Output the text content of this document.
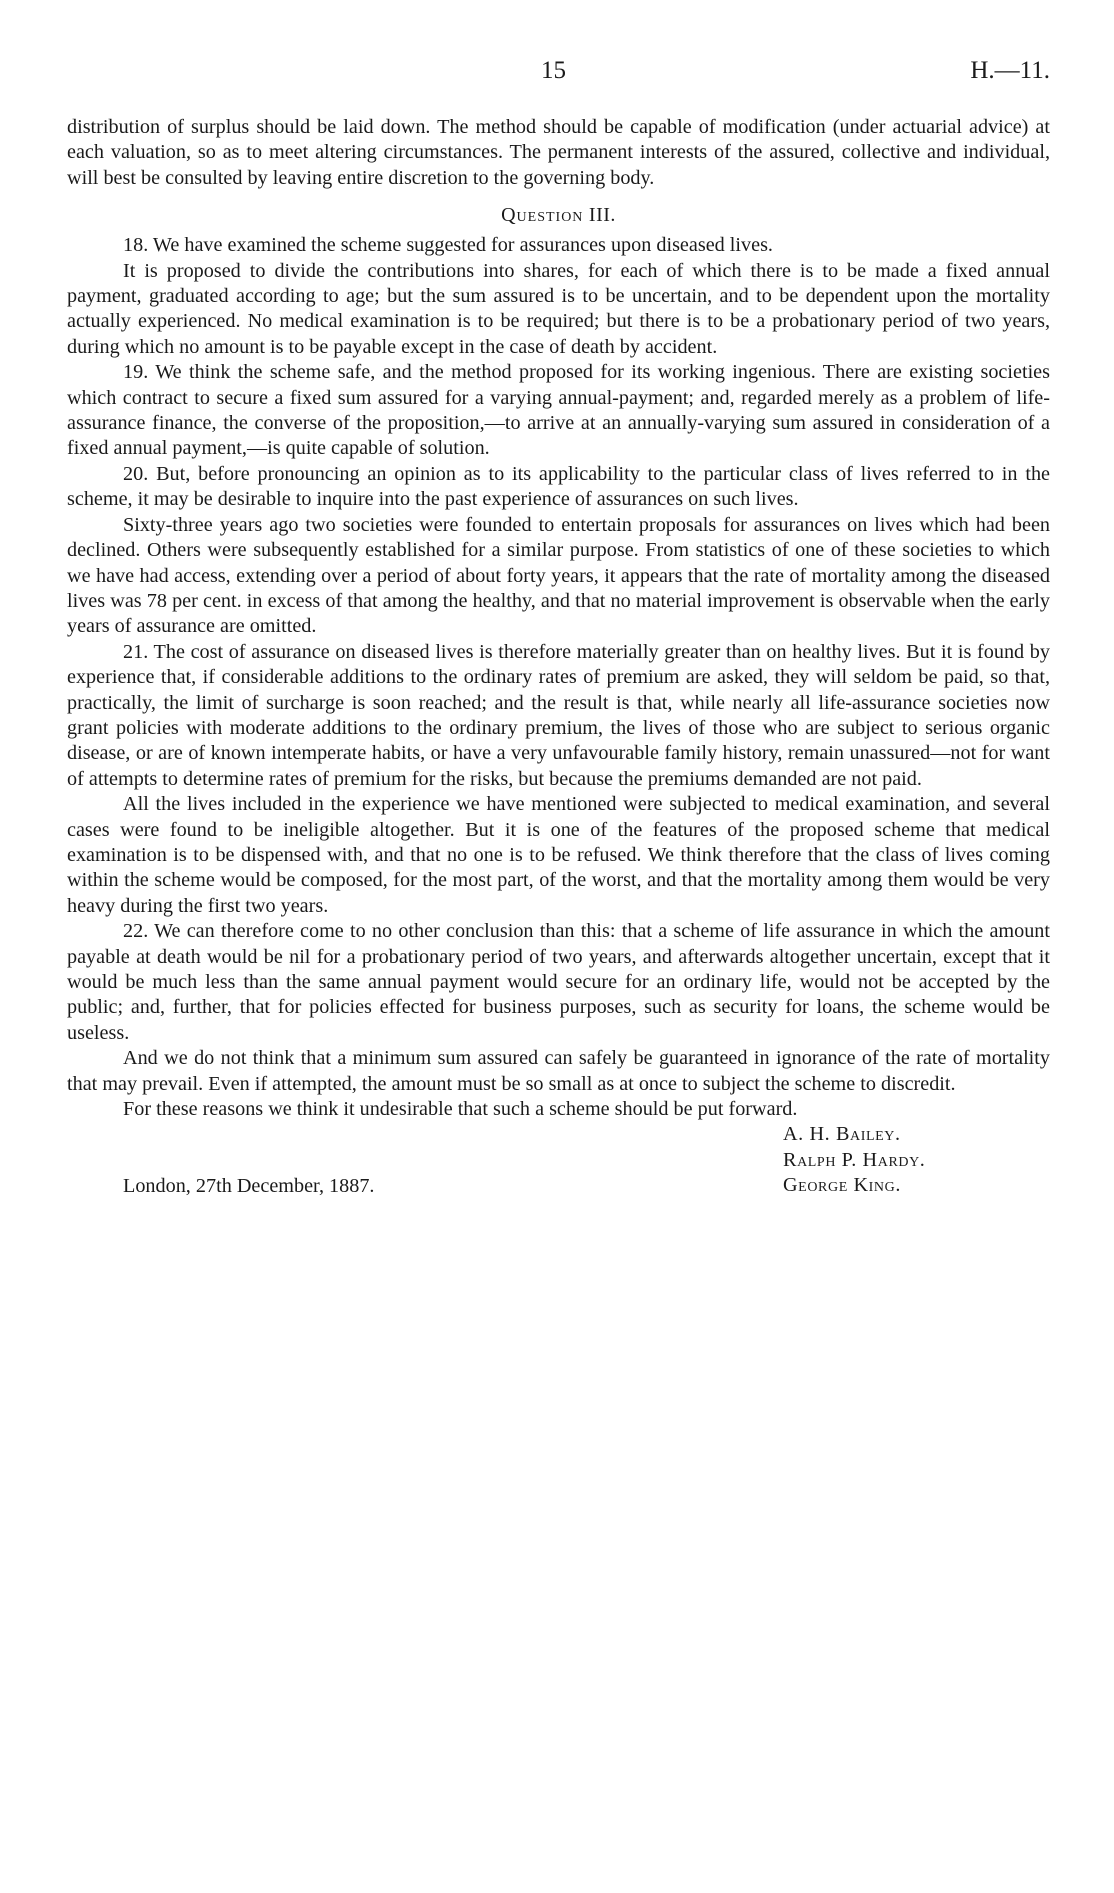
15	H.—11.

distribution of surplus should be laid down. The method should be capable of modification (under actuarial advice) at each valuation, so as to meet altering circumstances. The permanent interests of the assured, collective and individual, will best be consulted by leaving entire discretion to the governing body.

Question III.

18. We have examined the scheme suggested for assurances upon diseased lives.

It is proposed to divide the contributions into shares, for each of which there is to be made a fixed annual payment, graduated according to age; but the sum assured is to be uncertain, and to be dependent upon the mortality actually experienced. No medical examination is to be required; but there is to be a probationary period of two years, during which no amount is to be payable except in the case of death by accident.

19. We think the scheme safe, and the method proposed for its working ingenious. There are existing societies which contract to secure a fixed sum assured for a varying annual-payment; and, regarded merely as a problem of life-assurance finance, the converse of the proposition,—to arrive at an annually-varying sum assured in consideration of a fixed annual payment,—is quite capable of solution.

20. But, before pronouncing an opinion as to its applicability to the particular class of lives referred to in the scheme, it may be desirable to inquire into the past experience of assurances on such lives.

Sixty-three years ago two societies were founded to entertain proposals for assurances on lives which had been declined. Others were subsequently established for a similar purpose. From statistics of one of these societies to which we have had access, extending over a period of about forty years, it appears that the rate of mortality among the diseased lives was 78 per cent. in excess of that among the healthy, and that no material improvement is observable when the early years of assurance are omitted.

21. The cost of assurance on diseased lives is therefore materially greater than on healthy lives. But it is found by experience that, if considerable additions to the ordinary rates of premium are asked, they will seldom be paid, so that, practically, the limit of surcharge is soon reached; and the result is that, while nearly all life-assurance societies now grant policies with moderate additions to the ordinary premium, the lives of those who are subject to serious organic disease, or are of known intemperate habits, or have a very unfavourable family history, remain unassured—not for want of attempts to determine rates of premium for the risks, but because the premiums demanded are not paid.

All the lives included in the experience we have mentioned were subjected to medical examination, and several cases were found to be ineligible altogether. But it is one of the features of the proposed scheme that medical examination is to be dispensed with, and that no one is to be refused. We think therefore that the class of lives coming within the scheme would be composed, for the most part, of the worst, and that the mortality among them would be very heavy during the first two years.

22. We can therefore come to no other conclusion than this: that a scheme of life assurance in which the amount payable at death would be nil for a probationary period of two years, and afterwards altogether uncertain, except that it would be much less than the same annual payment would secure for an ordinary life, would not be accepted by the public; and, further, that for policies effected for business purposes, such as security for loans, the scheme would be useless.

And we do not think that a minimum sum assured can safely be guaranteed in ignorance of the rate of mortality that may prevail. Even if attempted, the amount must be so small as at once to subject the scheme to discredit.

For these reasons we think it undesirable that such a scheme should be put forward.

A. H. Bailey.
Ralph P. Hardy.
George King.
London, 27th December, 1887.
